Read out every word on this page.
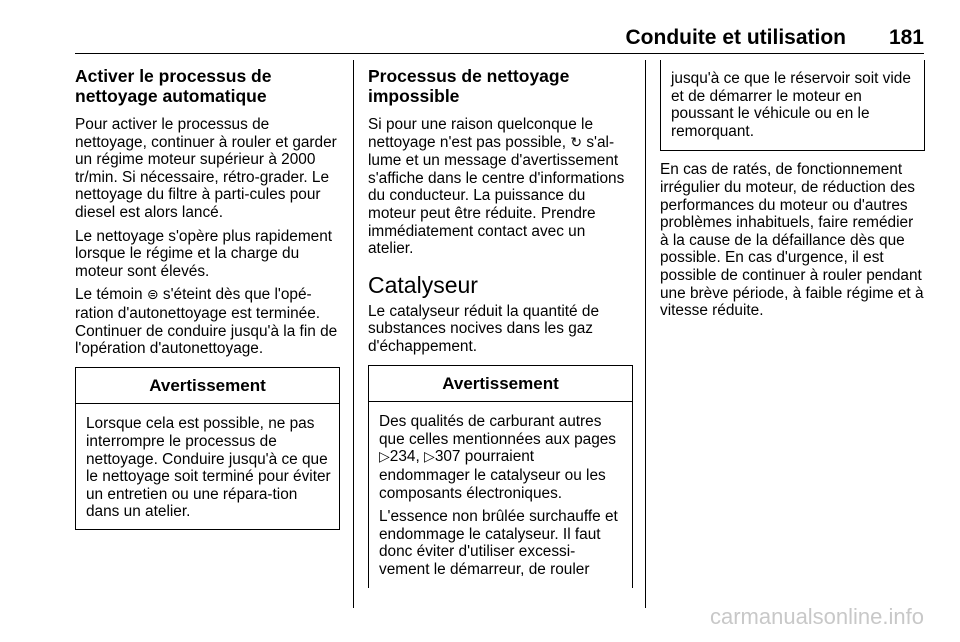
Conduite et utilisation 181
Activer le processus de nettoyage automatique

Pour activer le processus de nettoyage, continuer à rouler et garder un régime moteur supérieur à 2000 tr/min. Si nécessaire, rétro-grader. Le nettoyage du filtre à parti-cules pour diesel est alors lancé.

Le nettoyage s'opère plus rapidement lorsque le régime et la charge du moteur sont élevés.

Le témoin ⊜ s'éteint dès que l'opé-ration d'autonettoyage est terminée. Continuer de conduire jusqu'à la fin de l'opération d'autonettoyage.

Avertissement
Lorsque cela est possible, ne pas interrompre le processus de nettoyage. Conduire jusqu'à ce que le nettoyage soit terminé pour éviter un entretien ou une répara-tion dans un atelier.
Processus de nettoyage impossible

Si pour une raison quelconque le nettoyage n'est pas possible, ↻ s'al-lume et un message d'avertissement s'affiche dans le centre d'informations du conducteur. La puissance du moteur peut être réduite. Prendre immédiatement contact avec un atelier.

Catalyseur

Le catalyseur réduit la quantité de substances nocives dans les gaz d'échappement.

Avertissement

Des qualités de carburant autres que celles mentionnées aux pages ▷234, ▷307 pourraient endommager le catalyseur ou les composants électroniques.

L'essence non brûlée surchauffe et endommage le catalyseur. Il faut donc éviter d'utiliser excessi-vement le démarreur, de rouler

jusqu'à ce que le réservoir soit vide et de démarrer le moteur en poussant le véhicule ou en le remorquant.

En cas de ratés, de fonctionnement irrégulier du moteur, de réduction des performances du moteur ou d'autres problèmes inhabituels, faire remédier à la cause de la défaillance dès que possible. En cas d'urgence, il est possible de continuer à rouler pendant une brève période, à faible régime et à vitesse réduite.

carmanualsonline.info
